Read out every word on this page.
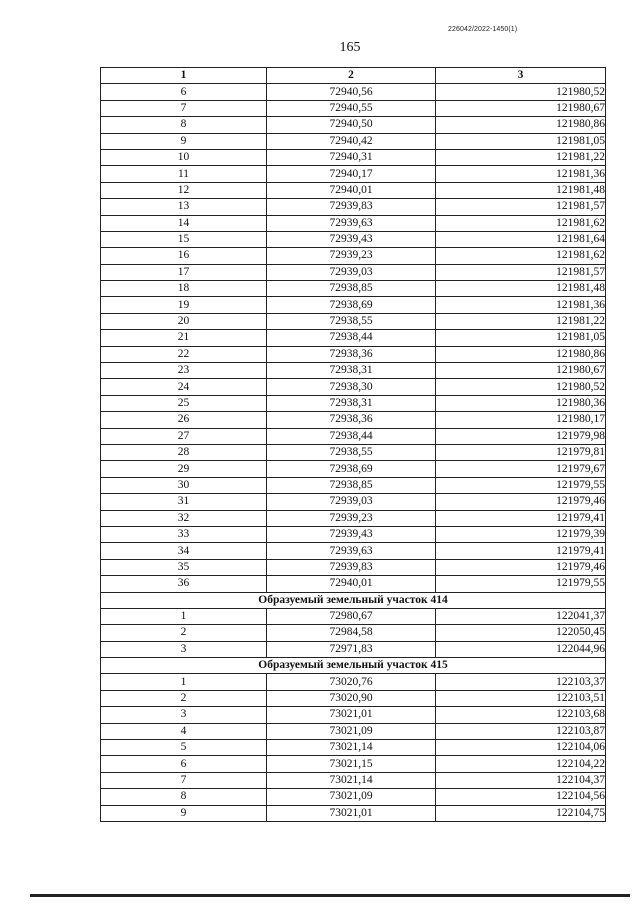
226042/2022-1450(1)
165
1	2	3
6	72940,56	121980,52
7	72940,55	121980,67
8	72940,50	121980,86
9	72940,42	121981,05
10	72940,31	121981,22
11	72940,17	121981,36
12	72940,01	121981,48
13	72939,83	121981,57
14	72939,63	121981,62
15	72939,43	121981,64
16	72939,23	121981,62
17	72939,03	121981,57
18	72938,85	121981,48
19	72938,69	121981,36
20	72938,55	121981,22
21	72938,44	121981,05
22	72938,36	121980,86
23	72938,31	121980,67
24	72938,30	121980,52
25	72938,31	121980,36
26	72938,36	121980,17
27	72938,44	121979,98
28	72938,55	121979,81
29	72938,69	121979,67
30	72938,85	121979,55
31	72939,03	121979,46
32	72939,23	121979,41
33	72939,43	121979,39
34	72939,63	121979,41
35	72939,83	121979,46
36	72940,01	121979,55
Образуемый земельный участок 414		
1	72980,67	122041,37
2	72984,58	122050,45
3	72971,83	122044,96
Образуемый земельный участок 415		
1	73020,76	122103,37
2	73020,90	122103,51
3	73021,01	122103,68
4	73021,09	122103,87
5	73021,14	122104,06
6	73021,15	122104,22
7	73021,14	122104,37
8	73021,09	122104,56
9	73021,01	122104,75
